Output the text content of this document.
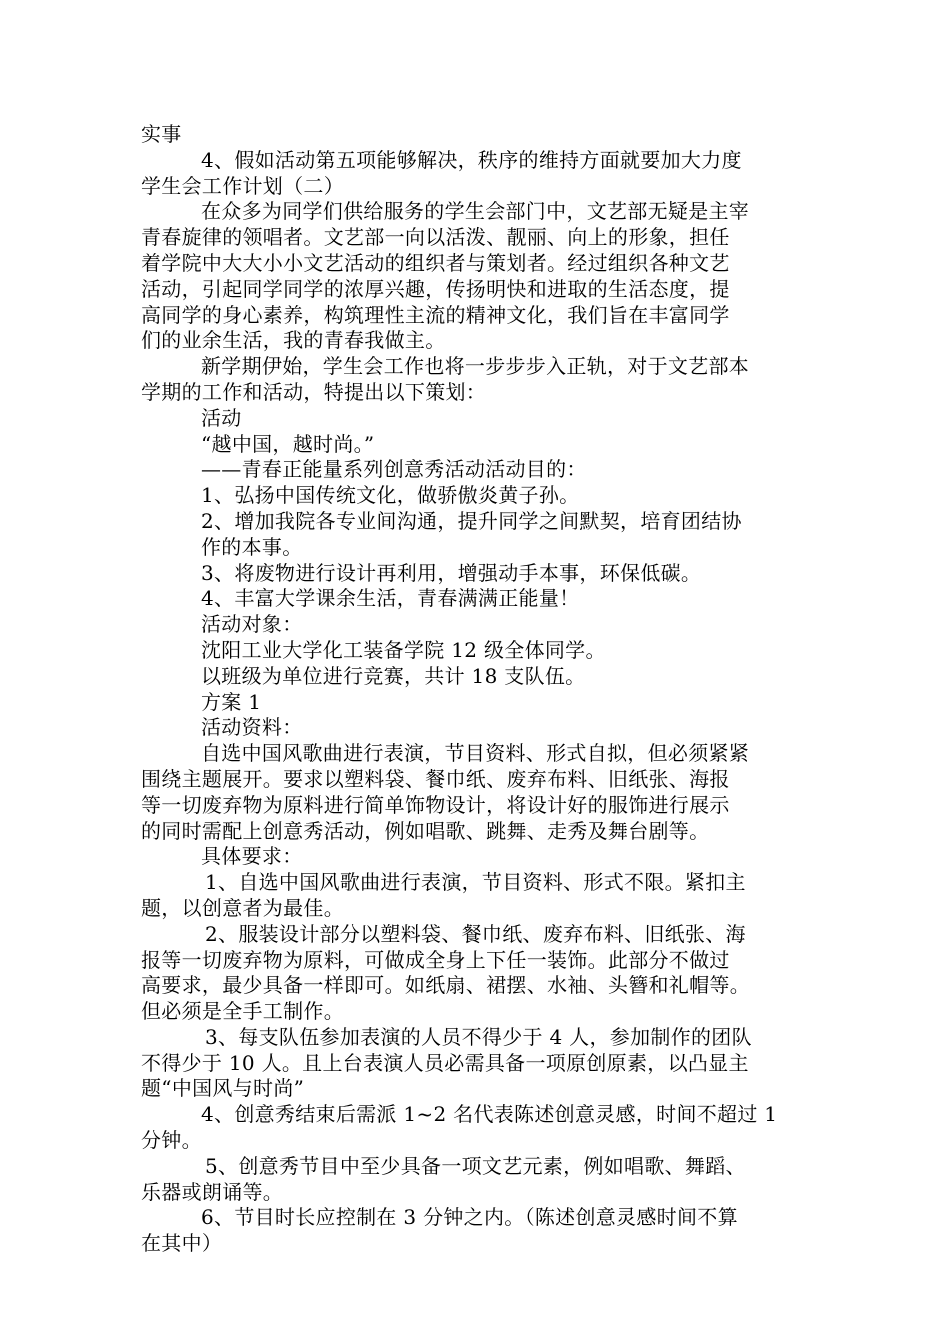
实事
4、假如活动第五项能够解决，秩序的维持方面就要加大力度
学生会工作计划（二）
在众多为同学们供给服务的学生会部门中，文艺部无疑是主宰
青春旋律的领唱者。文艺部一向以活泼、靓丽、向上的形象，担任
着学院中大大小小文艺活动的组织者与策划者。经过组织各种文艺
活动，引起同学同学的浓厚兴趣，传扬明快和进取的生活态度，提
高同学的身心素养，构筑理性主流的精神文化，我们旨在丰富同学
们的业余生活，我的青春我做主。
新学期伊始，学生会工作也将一步步步入正轨，对于文艺部本
学期的工作和活动，特提出以下策划：
活动
“越中国，越时尚。”
——青春正能量系列创意秀活动活动目的：
1、弘扬中国传统文化，做骄傲炎黄子孙。
2、增加我院各专业间沟通，提升同学之间默契，培育团结协
作的本事。
3、将废物进行设计再利用，增强动手本事，环保低碳。
4、丰富大学课余生活，青春满满正能量！
活动对象：
沈阳工业大学化工装备学院 12 级全体同学。
以班级为单位进行竞赛，共计 18 支队伍。
方案 1
活动资料：
自选中国风歌曲进行表演，节目资料、形式自拟，但必须紧紧
围绕主题展开。要求以塑料袋、餐巾纸、废弃布料、旧纸张、海报
等一切废弃物为原料进行简单饰物设计，将设计好的服饰进行展示
的同时需配上创意秀活动，例如唱歌、跳舞、走秀及舞台剧等。
具体要求：
1、自选中国风歌曲进行表演，节目资料、形式不限。紧扣主
题，以创意者为最佳。
2、服装设计部分以塑料袋、餐巾纸、废弃布料、旧纸张、海
报等一切废弃物为原料，可做成全身上下任一装饰。此部分不做过
高要求，最少具备一样即可。如纸扇、裙摆、水袖、头簪和礼帽等。
但必须是全手工制作。
3、每支队伍参加表演的人员不得少于 4 人，参加制作的团队
不得少于 10 人。且上台表演人员必需具备一项原创原素，以凸显主
题“中国风与时尚”
4、创意秀结束后需派 1~2 名代表陈述创意灵感，时间不超过 1
分钟。
5、创意秀节目中至少具备一项文艺元素，例如唱歌、舞蹈、
乐器或朗诵等。
6、节目时长应控制在 3 分钟之内。（陈述创意灵感时间不算
在其中）
